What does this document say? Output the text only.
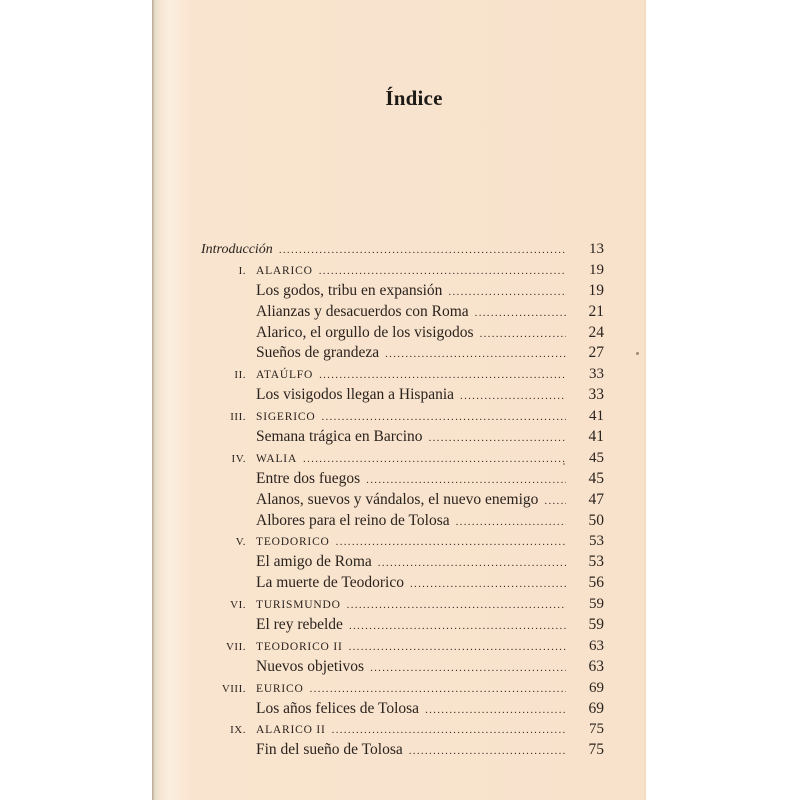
Índice
Introducción .....	13
I. ALARICO .....	19
Los godos, tribu en expansión .....	19
Alianzas y desacuerdos con Roma .....	21
Alarico, el orgullo de los visigodos .....	24
Sueños de grandeza .....	27
II. ATAÚLFO .....	33
Los visigodos llegan a Hispania .....	33
III. SIGERICO .....	41
Semana trágica en Barcino .....	41
IV. WALIA .....	45
Entre dos fuegos .....	45
Alanos, suevos y vándalos, el nuevo enemigo .....	47
Albores para el reino de Tolosa .....	50
V. TEODORICO .....	53
El amigo de Roma .....	53
La muerte de Teodorico .....	56
VI. TURISMUNDO .....	59
El rey rebelde .....	59
VII. TEODORICO II .....	63
Nuevos objetivos .....	63
VIII. EURICO .....	69
Los años felices de Tolosa .....	69
IX. ALARICO II .....	75
Fin del sueño de Tolosa .....	75
